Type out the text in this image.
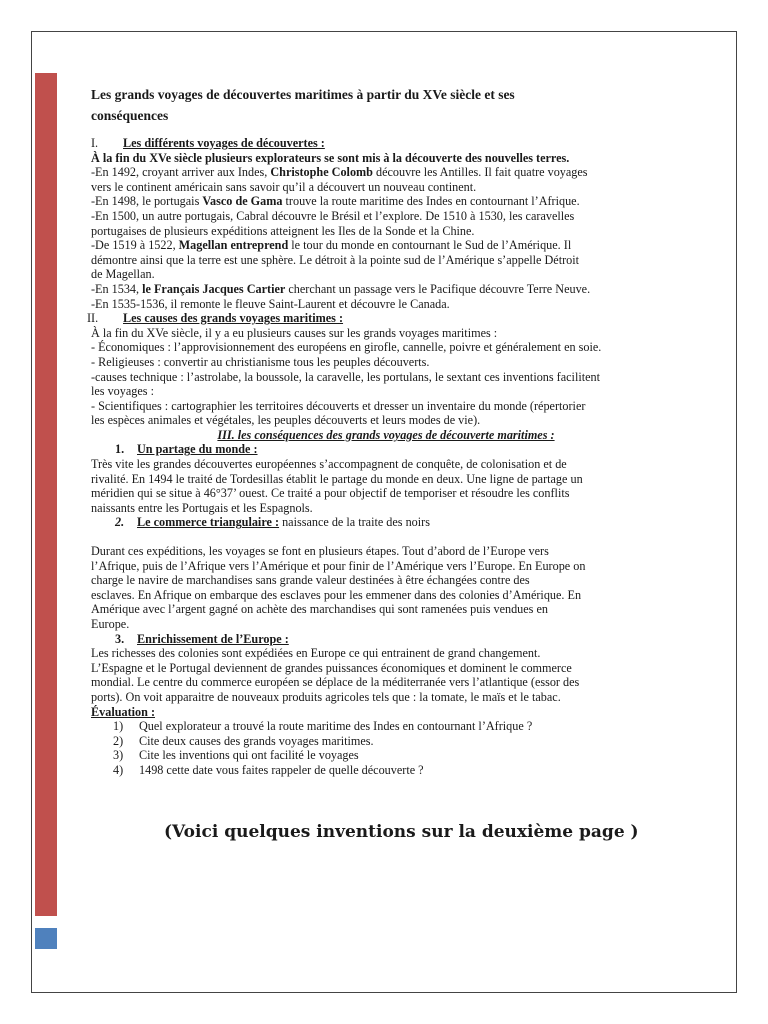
Les grands voyages de découvertes maritimes à partir du XVe siècle et ses
conséquences
I. Les différents voyages de découvertes :
À la fin du XVe siècle plusieurs explorateurs se sont mis à la découverte des nouvelles terres.
-En 1492, croyant arriver aux Indes, Christophe Colomb découvre les Antilles. Il fait quatre voyages
vers le continent américain sans savoir qu’il a découvert un nouveau continent.
-En 1498, le portugais Vasco de Gama trouve la route maritime des Indes en contournant l’Afrique.
-En 1500, un autre portugais, Cabral découvre le Brésil et l’explore. De 1510 à 1530, les caravelles
portugaises de plusieurs expéditions atteignent les Iles de la Sonde et la Chine.
-De 1519 à 1522, Magellan entreprend le tour du monde en contournant le Sud de l’Amérique. Il
démontre ainsi que la terre est une sphère. Le détroit à la pointe sud de l’Amérique s’appelle Détroit
de Magellan.
-En 1534, le Français Jacques Cartier cherchant un passage vers le Pacifique découvre Terre Neuve.
-En 1535-1536, il remonte le fleuve Saint-Laurent et découvre le Canada.
II. Les causes des grands voyages maritimes :
À la fin du XVe siècle, il y a eu plusieurs causes sur les grands voyages maritimes :
- Économiques : l’approvisionnement des européens en girofle, cannelle, poivre et généralement en soie.
- Religieuses : convertir au christianisme tous les peuples découverts.
-causes technique : l’astrolabe, la boussole, la caravelle, les portulans, le sextant ces inventions facilitent
les voyages :
- Scientifiques : cartographier les territoires découverts et dresser un inventaire du monde (répertorier
les espèces animales et végétales, les peuples découverts et leurs modes de vie).
III. les conséquences des grands voyages de découverte maritimes :
1. Un partage du monde :
Très vite les grandes découvertes européennes s’accompagnent de conquête, de colonisation et de
rivalité. En 1494 le traité de Tordesillas établit le partage du monde en deux. Une ligne de partage un
méridien qui se situe à 46°37’ ouest. Ce traité a pour objectif de temporiser et résoudre les conflits
naissants entre les Portugais et les Espagnols.
2. Le commerce triangulaire : naissance de la traite des noirs
Durant ces expéditions, les voyages se font en plusieurs étapes. Tout d’abord de l’Europe vers
l’Afrique, puis de l’Afrique vers l’Amérique et pour finir de l’Amérique vers l’Europe. En Europe on
charge le navire de marchandises sans grande valeur destinées à être échangées contre des
esclaves. En Afrique on embarque des esclaves pour les emmener dans des colonies d’Amérique. En
Amérique avec l’argent gagné on achète des marchandises qui sont ramenées puis vendues en
Europe.
3. Enrichissement de l’Europe :
Les richesses des colonies sont expédiées en Europe ce qui entrainent de grand changement.
L’Espagne et le Portugal deviennent de grandes puissances économiques et dominent le commerce
mondial. Le centre du commerce européen se déplace de la méditerranée vers l’atlantique (essor des
ports). On voit apparaitre de nouveaux produits agricoles tels que : la tomate, le maïs et le tabac.
Évaluation :
1) Quel explorateur a trouvé la route maritime des Indes en contournant l’Afrique ?
2) Cite deux causes des grands voyages maritimes.
3) Cite les inventions qui ont facilité le voyages
4) 1498 cette date vous faites rappeler de quelle découverte ?
(Voici quelques inventions sur la deuxième page )
